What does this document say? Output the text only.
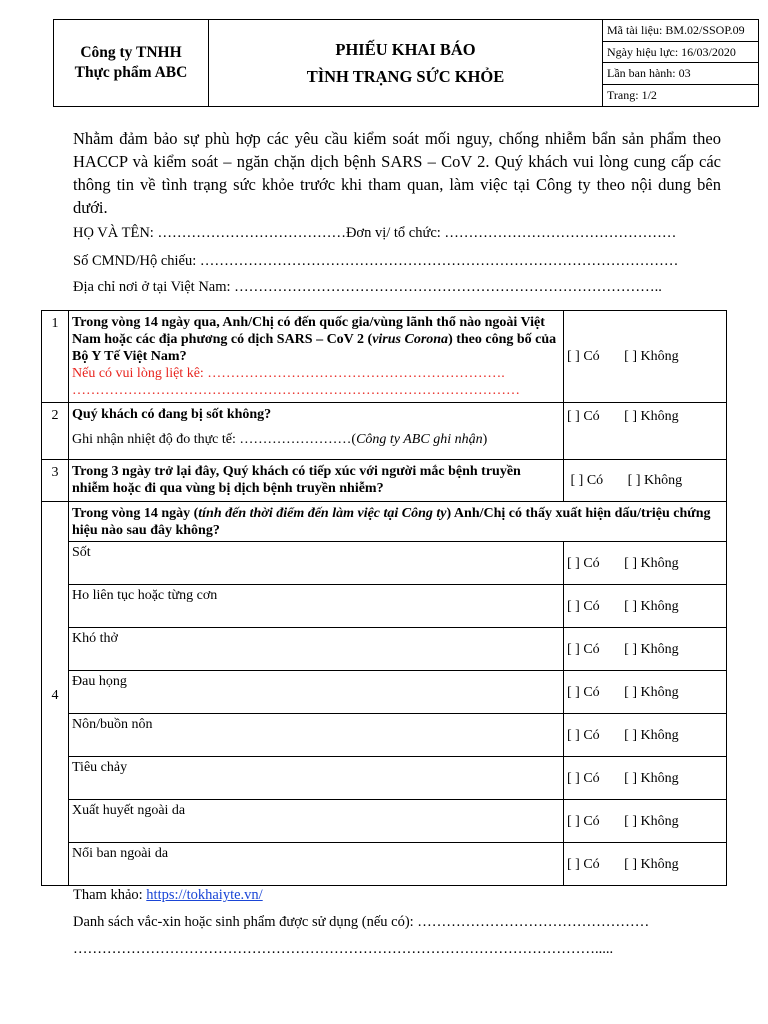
Công ty TNHH
Thực phẩm ABC
PHIẾU KHAI BÁO
TÌNH TRẠNG SỨC KHỎE
Mã tài liệu: BM.02/SSOP.09
Ngày hiệu lực: 16/03/2020
Lần ban hành: 03
Trang: 1/2
Nhằm đảm bảo sự phù hợp các yêu cầu kiểm soát mối nguy, chống nhiễm bẩn sản phẩm theo HACCP và kiểm soát – ngăn chặn dịch bệnh SARS – CoV 2. Quý khách vui lòng cung cấp các thông tin về tình trạng sức khỏe trước khi tham quan, làm việc tại Công ty theo nội dung bên dưới.
HỌ VÀ TÊN: …………………………………Đơn vị/ tổ chức: …………………………………………
Số CMND/Hộ chiếu: ………………………………………………………………………………………
Địa chỉ nơi ở tại Việt Nam: ……………………………………………………………………………..
1	Trong vòng 14 ngày qua, Anh/Chị có đến quốc gia/vùng lãnh thổ nào ngoài Việt Nam hoặc các địa phương có dịch SARS – CoV 2 (virus Corona) theo công bố của Bộ Y Tế Việt Nam?
Nếu có vui lòng liệt kê: ……………………………………………………….
……………………………………………………………………………………	[ ] Có [ ] Không
2	Quý khách có đang bị sốt không?

Ghi nhận nhiệt độ đo thực tế: ……………………(Công ty ABC ghi nhận)	[ ] Có [ ] Không
3	Trong 3 ngày trở lại đây, Quý khách có tiếp xúc với người mắc bệnh truyền nhiễm hoặc đi qua vùng bị dịch bệnh truyền nhiễm?	[ ] Có [ ] Không
4	Trong vòng 14 ngày (tính đến thời điểm đến làm việc tại Công ty) Anh/Chị có thấy xuất hiện dấu/triệu chứng hiệu nào sau đây không?	
	Sốt	[ ] Có [ ] Không
	Ho liên tục hoặc từng cơn	[ ] Có [ ] Không
	Khó thở	[ ] Có [ ] Không
	Đau họng	[ ] Có [ ] Không
	Nôn/buồn nôn	[ ] Có [ ] Không
	Tiêu chảy	[ ] Có [ ] Không
	Xuất huyết ngoài da	[ ] Có [ ] Không
	Nổi ban ngoài da	[ ] Có [ ] Không
Tham khảo: https://tokhaiyte.vn/
Danh sách vắc-xin hoặc sinh phẩm được sử dụng (nếu có): …………………………………………
……………………………………………………………………………………………….....
